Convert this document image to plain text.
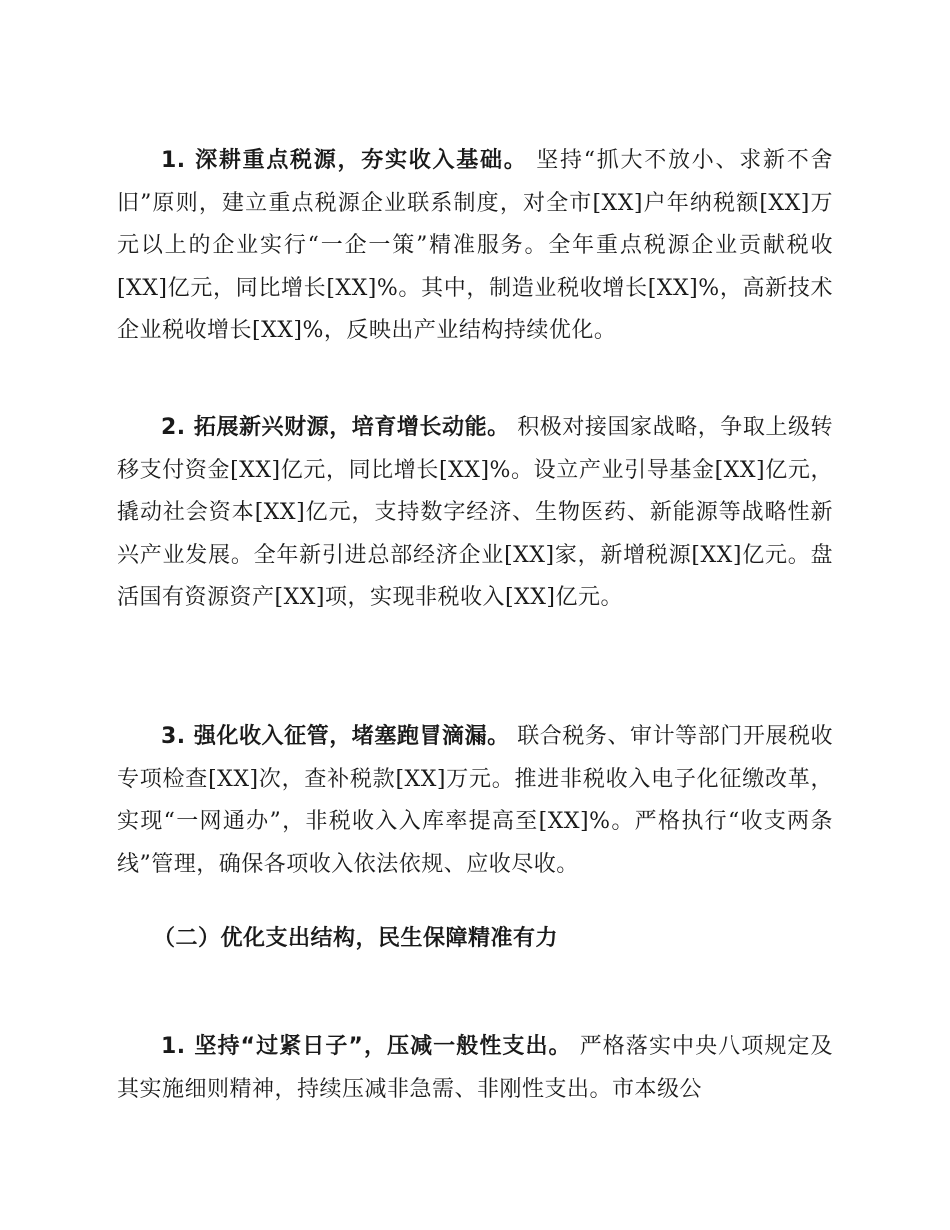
1. 深耕重点税源，夯实收入基础。 坚持“抓大不放小、求新不舍旧”原则，建立重点税源企业联系制度，对全市[XX]户年纳税额[XX]万元以上的企业实行“一企一策”精准服务。全年重点税源企业贡献税收[XX]亿元，同比增长[XX]%。其中，制造业税收增长[XX]%，高新技术企业税收增长[XX]%，反映出产业结构持续优化。

2. 拓展新兴财源，培育增长动能。 积极对接国家战略，争取上级转移支付资金[XX]亿元，同比增长[XX]%。设立产业引导基金[XX]亿元，撬动社会资本[XX]亿元，支持数字经济、生物医药、新能源等战略性新兴产业发展。全年新引进总部经济企业[XX]家，新增税源[XX]亿元。盘活国有资源资产[XX]项，实现非税收入[XX]亿元。

3. 强化收入征管，堵塞跑冒滴漏。 联合税务、审计等部门开展税收专项检查[XX]次，查补税款[XX]万元。推进非税收入电子化征缴改革，实现“一网通办”，非税收入入库率提高至[XX]%。严格执行“收支两条线”管理，确保各项收入依法依规、应收尽收。

（二）优化支出结构，民生保障精准有力

1. 坚持“过紧日子”，压减一般性支出。 严格落实中央八项规定及其实施细则精神，持续压减非急需、非刚性支出。市本级公
